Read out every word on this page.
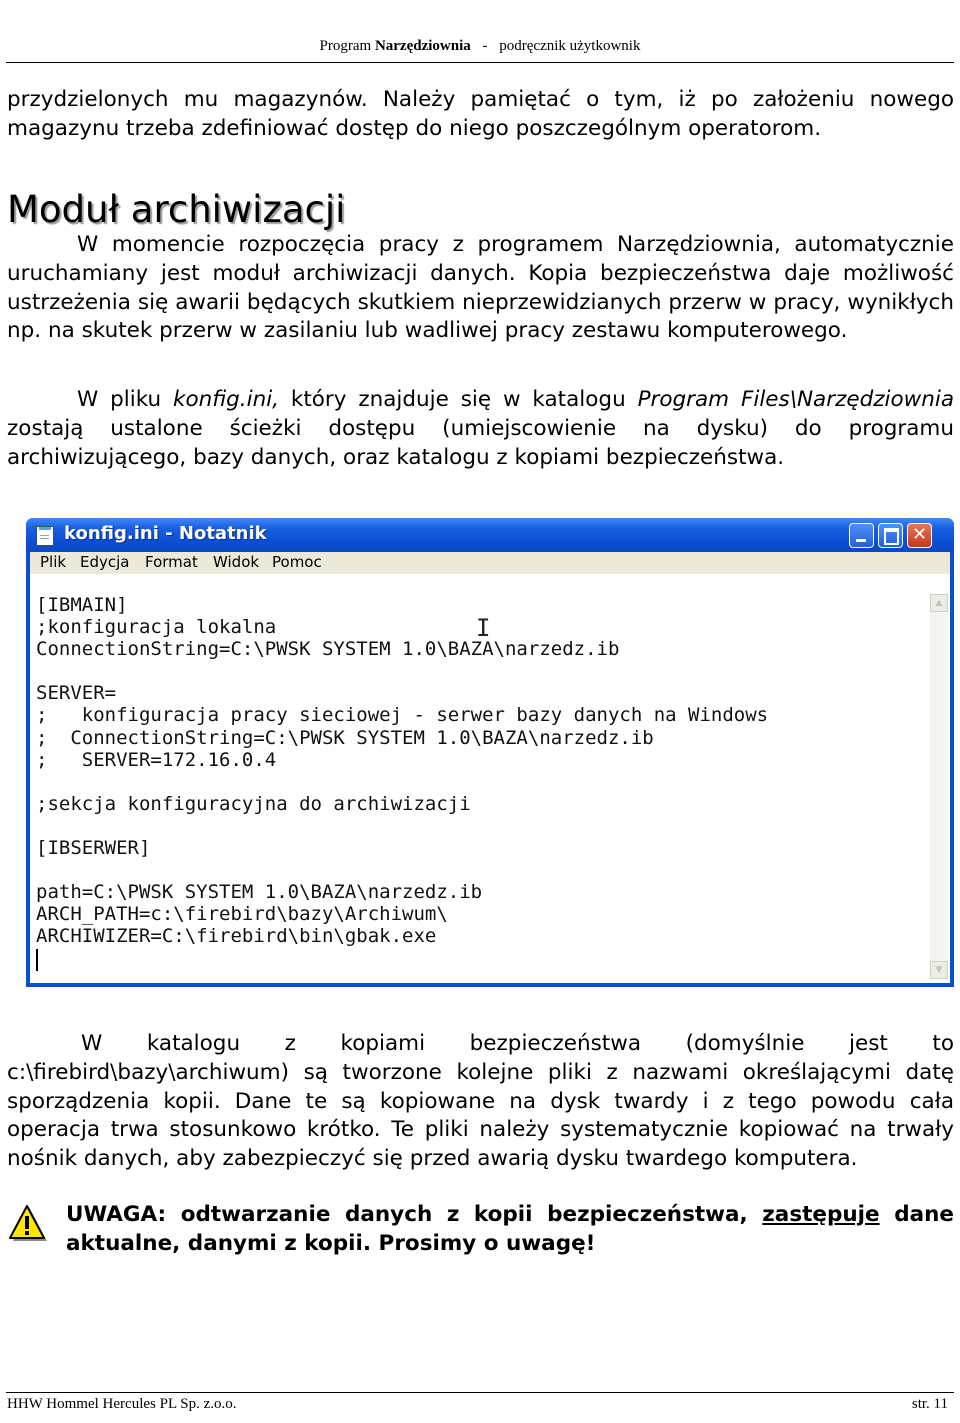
Program Narzędziownia - podręcznik użytkownik
przydzielonych mu magazynów. Należy pamiętać o tym, iż po założeniu nowego magazynu trzeba zdefiniować dostęp do niego poszczególnym operatorom.
Moduł archiwizacji
W momencie rozpoczęcia pracy z programem Narzędziownia, automatycznie uruchamiany jest moduł archiwizacji danych. Kopia bezpieczeństwa daje możliwość ustrzeżenia się awarii będących skutkiem nieprzewidzianych przerw w pracy, wynikłych np. na skutek przerw w zasilaniu lub wadliwej pracy zestawu komputerowego.
W pliku konfig.ini, który znajduje się w katalogu Program Files\Narzędziownia zostają ustalone ścieżki dostępu (umiejscowienie na dysku) do programu archiwizującego, bazy danych, oraz katalogu z kopiami bezpieczeństwa.
konfig.ini - Notatnik	✕
Plik Edycja Format Widok Pomoc
[IBMAIN]
;konfiguracja lokalna
ConnectionString=C:\PWSK SYSTEM 1.0\BAZA\narzedz.ib

SERVER=
;   konfiguracja pracy sieciowej - serwer bazy danych na Windows
;  ConnectionString=C:\PWSK SYSTEM 1.0\BAZA\narzedz.ib
;   SERVER=172.16.0.4

;sekcja konfiguracyjna do archiwizacji

[IBSERWER]

path=C:\PWSK SYSTEM 1.0\BAZA\narzedz.ib
ARCH_PATH=c:\firebird\bazy\Archiwum\
ARCHIWIZER=C:\firebird\bin\gbak.exe
I
▲
▼
W katalogu z kopiami bezpieczeństwa (domyślnie jest to c:\firebird\bazy\archiwum) są tworzone kolejne pliki z nazwami określającymi datę sporządzenia kopii. Dane te są kopiowane na dysk twardy i z tego powodu cała operacja trwa stosunkowo krótko. Te pliki należy systematycznie kopiować na trwały nośnik danych, aby zabezpieczyć się przed awarią dysku twardego komputera.
UWAGA: odtwarzanie danych z kopii bezpieczeństwa, zastępuje dane aktualne, danymi z kopii. Prosimy o uwagę!
HHW Hommel Hercules PL Sp. z.o.o.	str. 11
